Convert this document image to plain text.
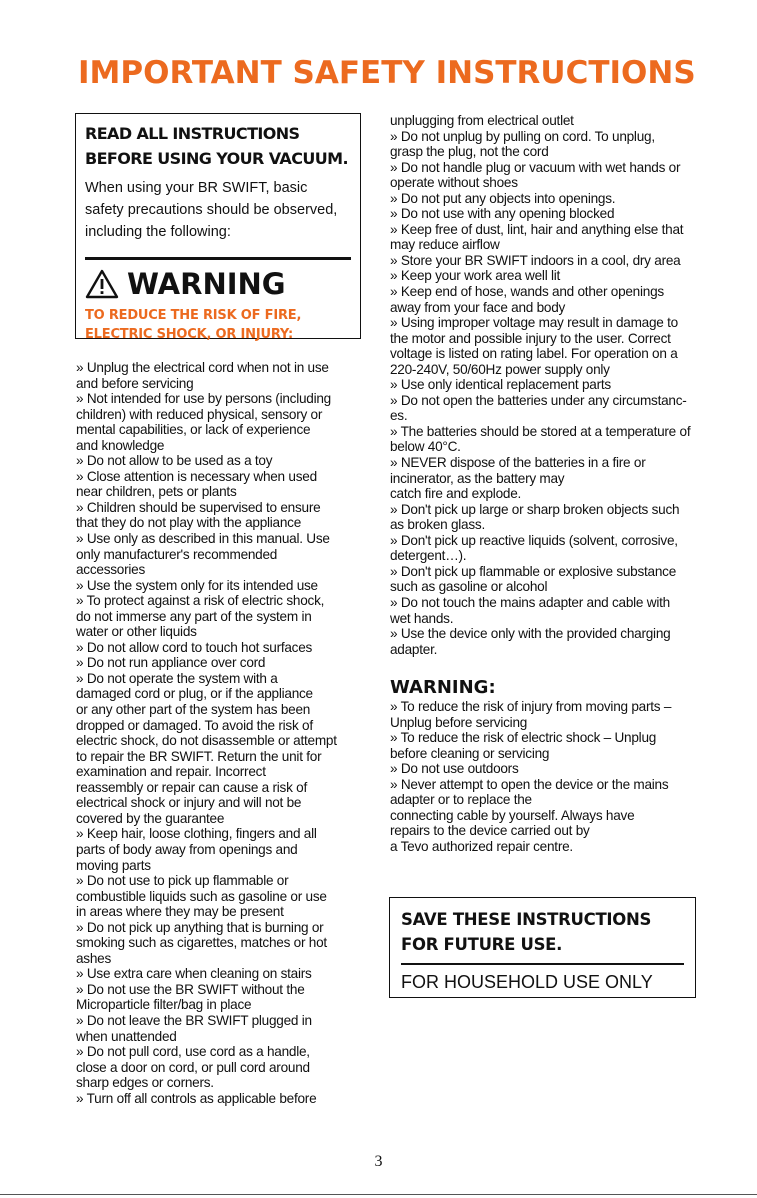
IMPORTANT SAFETY INSTRUCTIONS
READ ALL INSTRUCTIONS
BEFORE USING YOUR VACUUM.
When using your BR SWIFT, basic
safety precautions should be observed,
including the following:
WARNING
TO REDUCE THE RISK OF FIRE,
ELECTRIC SHOCK, OR INJURY:
» Unplug the electrical cord when not in use
and before servicing
» Not intended for use by persons (including
children) with reduced physical, sensory or
mental capabilities, or lack of experience
and knowledge
» Do not allow to be used as a toy
» Close attention is necessary when used
near children, pets or plants
» Children should be supervised to ensure
that they do not play with the appliance
» Use only as described in this manual. Use
only manufacturer's recommended
accessories
» Use the system only for its intended use
» To protect against a risk of electric shock,
do not immerse any part of the system in
water or other liquids
» Do not allow cord to touch hot surfaces
» Do not run appliance over cord
» Do not operate the system with a
damaged cord or plug, or if the appliance
or any other part of the system has been
dropped or damaged. To avoid the risk of
electric shock, do not disassemble or attempt
to repair the BR SWIFT. Return the unit for
examination and repair. Incorrect
reassembly or repair can cause a risk of
electrical shock or injury and will not be
covered by the guarantee
» Keep hair, loose clothing, fingers and all
parts of body away from openings and
moving parts
» Do not use to pick up flammable or
combustible liquids such as gasoline or use
in areas where they may be present
» Do not pick up anything that is burning or
smoking such as cigarettes, matches or hot
ashes
» Use extra care when cleaning on stairs
» Do not use the BR SWIFT without the
Microparticle filter/bag in place
» Do not leave the BR SWIFT plugged in
when unattended
» Do not pull cord, use cord as a handle,
close a door on cord, or pull cord around
sharp edges or corners.
» Turn off all controls as applicable before
unplugging from electrical outlet
» Do not unplug by pulling on cord. To unplug,
grasp the plug, not the cord
» Do not handle plug or vacuum with wet hands or
operate without shoes
» Do not put any objects into openings.
» Do not use with any opening blocked
» Keep free of dust, lint, hair and anything else that
may reduce airflow
» Store your BR SWIFT indoors in a cool, dry area
» Keep your work area well lit
» Keep end of hose, wands and other openings
away from your face and body
» Using improper voltage may result in damage to
the motor and possible injury to the user. Correct
voltage is listed on rating label. For operation on a
220-240V, 50/60Hz power supply only
» Use only identical replacement parts
» Do not open the batteries under any circumstanc-
es.
» The batteries should be stored at a temperature of
below 40°C.
» NEVER dispose of the batteries in a fire or
incinerator, as the battery may
catch fire and explode.
» Don't pick up large or sharp broken objects such
as broken glass.
» Don't pick up reactive liquids (solvent, corrosive,
detergent…).
» Don't pick up flammable or explosive substance
such as gasoline or alcohol
» Do not touch the mains adapter and cable with
wet hands.
» Use the device only with the provided charging
adapter.
WARNING:
» To reduce the risk of injury from moving parts –
Unplug before servicing
» To reduce the risk of electric shock – Unplug
before cleaning or servicing
» Do not use outdoors
» Never attempt to open the device or the mains
adapter or to replace the
connecting cable by yourself. Always have
repairs to the device carried out by
a Tevo authorized repair centre.
SAVE THESE INSTRUCTIONS
FOR FUTURE USE.
FOR HOUSEHOLD USE ONLY
3
